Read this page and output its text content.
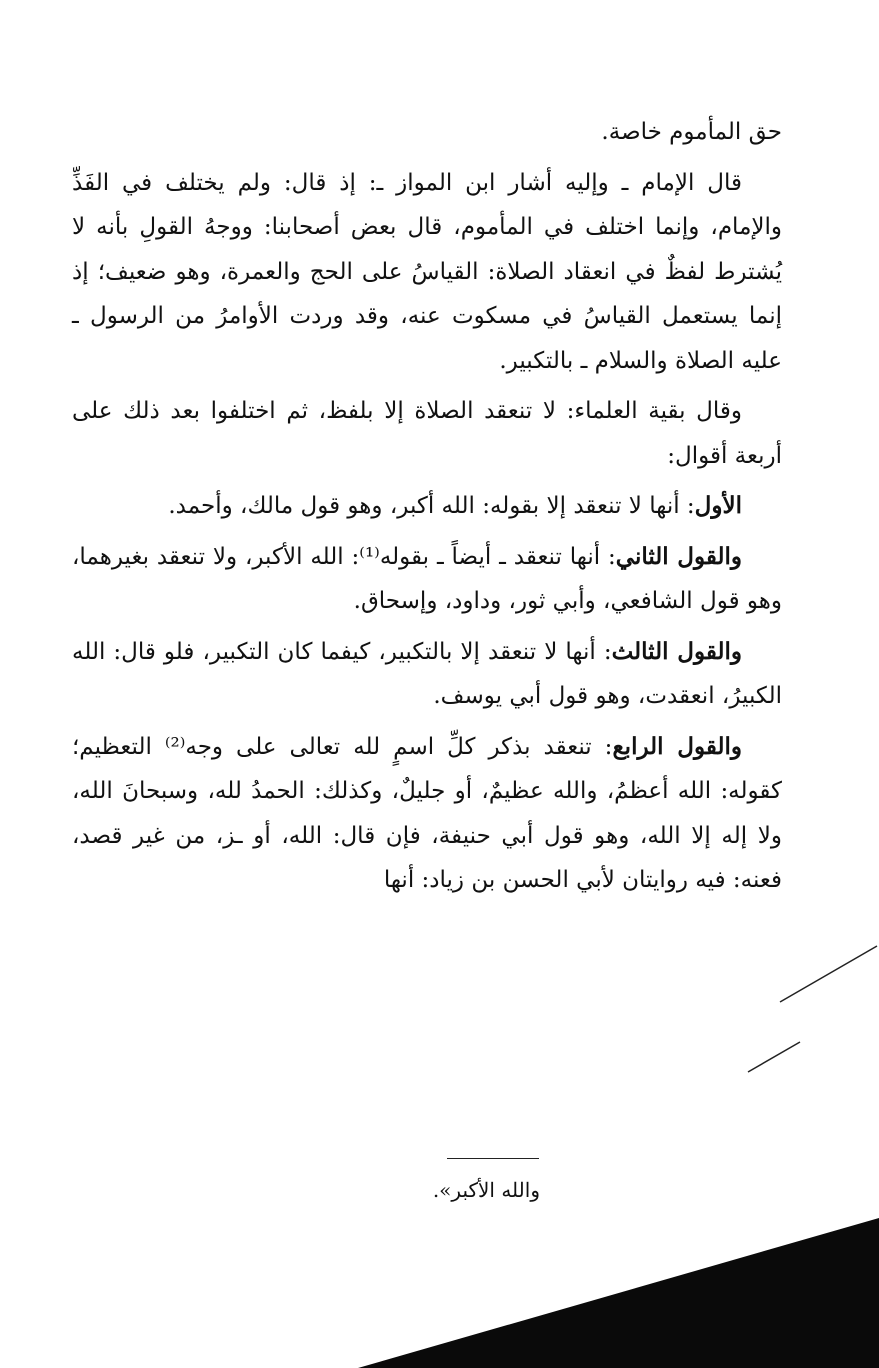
حق المأموم خاصة.

قال الإمام ـ وإليه أشار ابن المواز ـ: إذ قال: ولم يختلف في الفَذِّ والإمام، وإنما اختلف في المأموم، قال بعض أصحابنا: ووجهُ القولِ بأنه لا يُشترط لفظٌ في انعقاد الصلاة: القياسُ على الحج والعمرة، وهو ضعيف؛ إذ إنما يستعمل القياسُ في مسكوت عنه، وقد وردت الأوامرُ من الرسول ـ عليه الصلاة والسلام ـ بالتكبير.

وقال بقية العلماء: لا تنعقد الصلاة إلا بلفظ، ثم اختلفوا بعد ذلك على أربعة أقوال:

الأول: أنها لا تنعقد إلا بقوله: الله أكبر، وهو قول مالك، وأحمد.

والقول الثاني: أنها تنعقد ـ أيضاً ـ بقوله⁽¹⁾: الله الأكبر، ولا تنعقد بغيرهما، وهو قول الشافعي، وأبي ثور، وداود، وإسحاق.

والقول الثالث: أنها لا تنعقد إلا بالتكبير، كيفما كان التكبير، فلو قال: الله الكبيرُ، انعقدت، وهو قول أبي يوسف.

والقول الرابع: تنعقد بذكر كلِّ اسمٍ لله تعالى على وجه⁽²⁾ التعظيم؛ كقوله: الله أعظمُ، والله عظيمٌ، أو جليلٌ، وكذلك: الحمدُ لله، وسبحانَ الله، ولا إله إلا الله، وهو قول أبي حنيفة، فإن قال: الله، أو ـز، من غير قصد، فعنه: فيه روايتان لأبي الحسن بن زياد: أنها

والله الأكبر».
